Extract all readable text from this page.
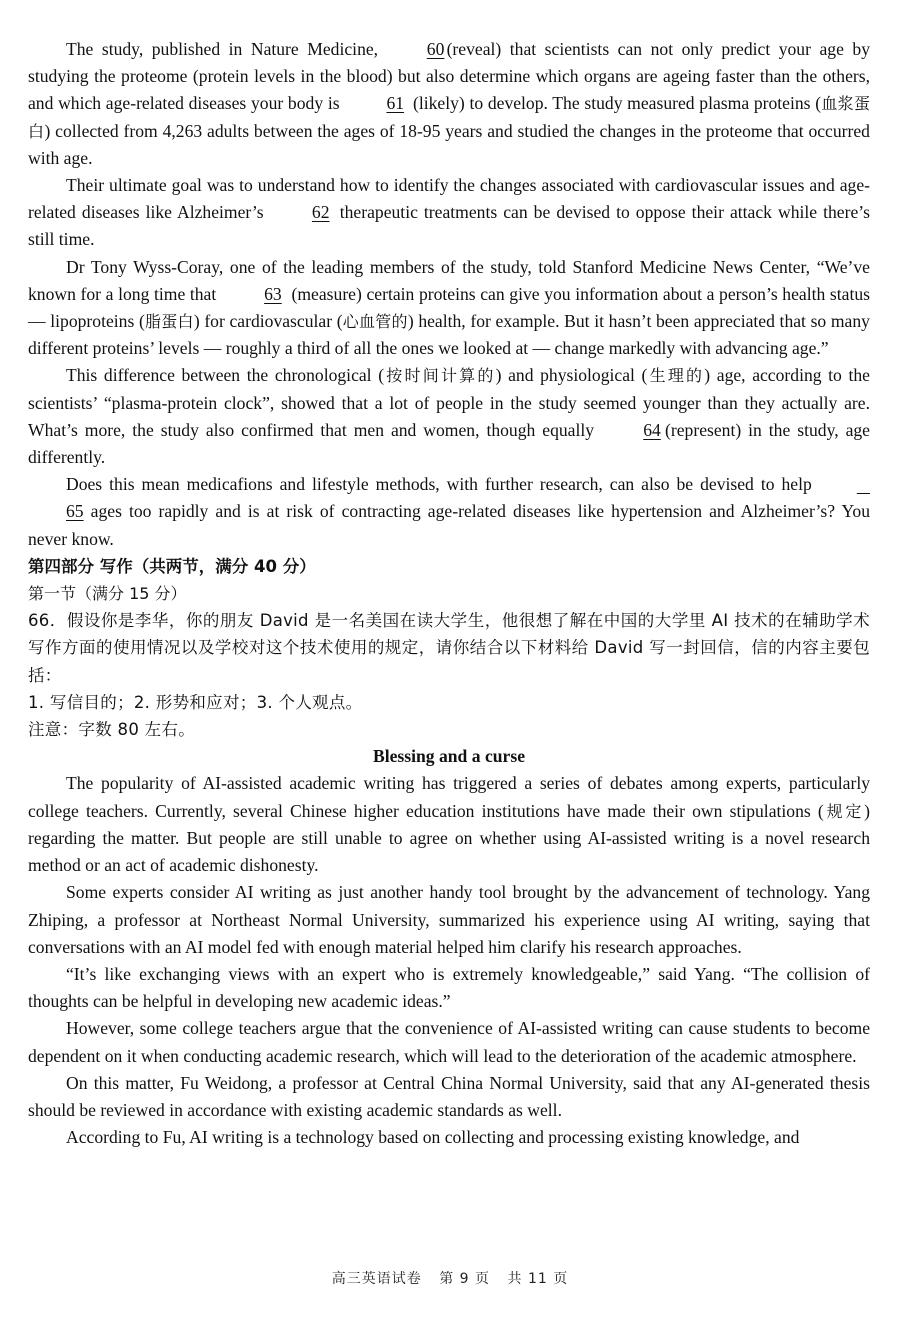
The study, published in Nature Medicine, 60 (reveal) that scientists can not only predict your age by studying the proteome (protein levels in the blood) but also determine which organs are ageing faster than the others, and which age-related diseases your body is 61 (likely) to develop. The study measured plasma proteins (血浆蛋白) collected from 4,263 adults between the ages of 18-95 years and studied the changes in the proteome that occurred with age.

Their ultimate goal was to understand how to identify the changes associated with cardiovascular issues and age-related diseases like Alzheimer’s 62 therapeutic treatments can be devised to oppose their attack while there’s still time.

Dr Tony Wyss-Coray, one of the leading members of the study, told Stanford Medicine News Center, “We’ve known for a long time that 63 (measure) certain proteins can give you information about a person’s health status — lipoproteins (脂蛋白) for cardiovascular (心血管的) health, for example. But it hasn’t been appreciated that so many different proteins’ levels — roughly a third of all the ones we looked at — change markedly with advancing age.”

This difference between the chronological (按时间计算的) and physiological (生理的) age, according to the scientists’ “plasma-protein clock”, showed that a lot of people in the study seemed younger than they actually are. What’s more, the study also confirmed that men and women, though equally 64 (represent) in the study, age differently.

Does this mean medicafions and lifestyle methods, with further research, can also be devised to help     65 ages too rapidly and is at risk of contracting age-related diseases like hypertension and Alzheimer’s? You never know.

第四部分 写作（共两节，满分 40 分）

第一节（满分 15 分）

66．假设你是李华，你的朋友 David 是一名美国在读大学生，他很想了解在中国的大学里 AI 技术的在辅助学术写作方面的使用情况以及学校对这个技术使用的规定，请你结合以下材料给 David 写一封回信，信的内容主要包括：

1. 写信目的；2. 形势和应对；3. 个人观点。

注意：字数 80 左右。

Blessing and a curse

The popularity of AI-assisted academic writing has triggered a series of debates among experts, particularly college teachers. Currently, several Chinese higher education institutions have made their own stipulations (规定) regarding the matter. But people are still unable to agree on whether using AI-assisted writing is a novel research method or an act of academic dishonesty.

Some experts consider AI writing as just another handy tool brought by the advancement of technology. Yang Zhiping, a professor at Northeast Normal University, summarized his experience using AI writing, saying that conversations with an AI model fed with enough material helped him clarify his research approaches.

“It’s like exchanging views with an expert who is extremely knowledgeable,” said Yang. “The collision of thoughts can be helpful in developing new academic ideas.”

However, some college teachers argue that the convenience of AI-assisted writing can cause students to become dependent on it when conducting academic research, which will lead to the deterioration of the academic atmosphere.

On this matter, Fu Weidong, a professor at Central China Normal University, said that any AI-generated thesis should be reviewed in accordance with existing academic standards as well.

According to Fu, AI writing is a technology based on collecting and processing existing knowledge, and

高三英语试卷 第 9 页 共 11 页
